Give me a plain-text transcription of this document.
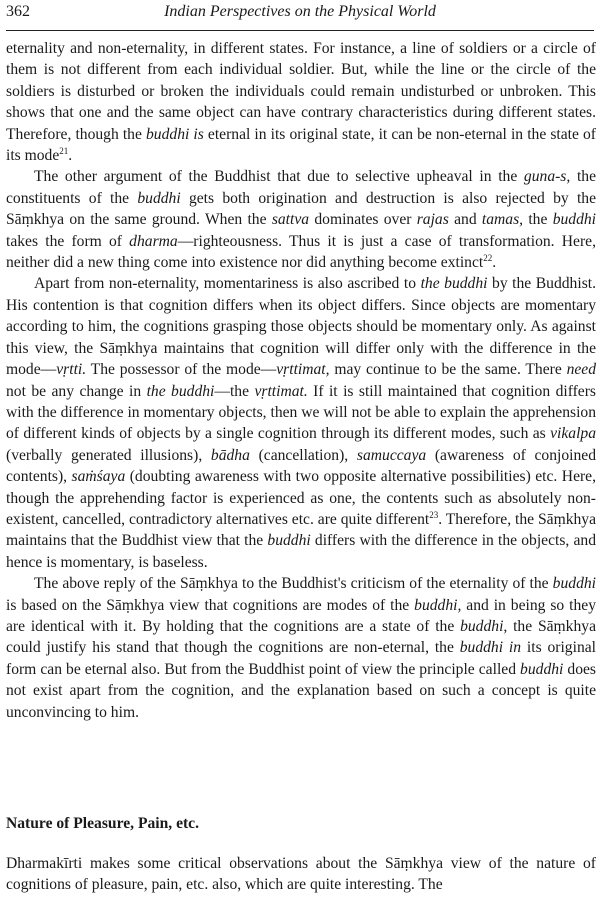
362	Indian Perspectives on the Physical World

eternality and non-eternality, in different states. For instance, a line of soldiers or a circle of them is not different from each individual soldier. But, while the line or the circle of the soldiers is disturbed or broken the individuals could remain undisturbed or unbroken. This shows that one and the same object can have contrary characteristics during different states. Therefore, though the buddhi is eternal in its original state, it can be non-eternal in the state of its mode$^{21}$.

The other argument of the Buddhist that due to selective upheaval in the guna-s, the constituents of the buddhi gets both origination and destruction is also rejected by the Sāṃkhya on the same ground. When the sattva dominates over rajas and tamas, the buddhi takes the form of dharma—righteousness. Thus it is just a case of transformation. Here, neither did a new thing come into existence nor did anything become extinct$^{22}$.

Apart from non-eternality, momentariness is also ascribed to the buddhi by the Buddhist. His contention is that cognition differs when its object differs. Since objects are momentary according to him, the cognitions grasping those objects should be momentary only. As against this view, the Sāṃkhya maintains that cognition will differ only with the difference in the mode—vṛtti. The possessor of the mode—vṛttimat, may continue to be the same. There need not be any change in the buddhi—the vṛttimat. If it is still maintained that cognition differs with the difference in momentary objects, then we will not be able to explain the apprehension of different kinds of objects by a single cognition through its different modes, such as vikalpa (verbally generated illusions), bādha (cancellation), samuccaya (awareness of conjoined contents), saṁśaya (doubting awareness with two opposite alternative possibilities) etc. Here, though the apprehending factor is experienced as one, the contents such as absolutely non-existent, cancelled, contradictory alternatives etc. are quite different$^{23}$. Therefore, the Sāṃkhya maintains that the Buddhist view that the buddhi differs with the difference in the objects, and hence is momentary, is baseless.

The above reply of the Sāṃkhya to the Buddhist's criticism of the eternality of the buddhi is based on the Sāṃkhya view that cognitions are modes of the buddhi, and in being so they are identical with it. By holding that the cognitions are a state of the buddhi, the Sāṃkhya could justify his stand that though the cognitions are non-eternal, the buddhi in its original form can be eternal also. But from the Buddhist point of view the principle called buddhi does not exist apart from the cognition, and the explanation based on such a concept is quite unconvincing to him.

Nature of Pleasure, Pain, etc.

Dharmakīrti makes some critical observations about the Sāṃkhya view of the nature of cognitions of pleasure, pain, etc. also, which are quite interesting. The
